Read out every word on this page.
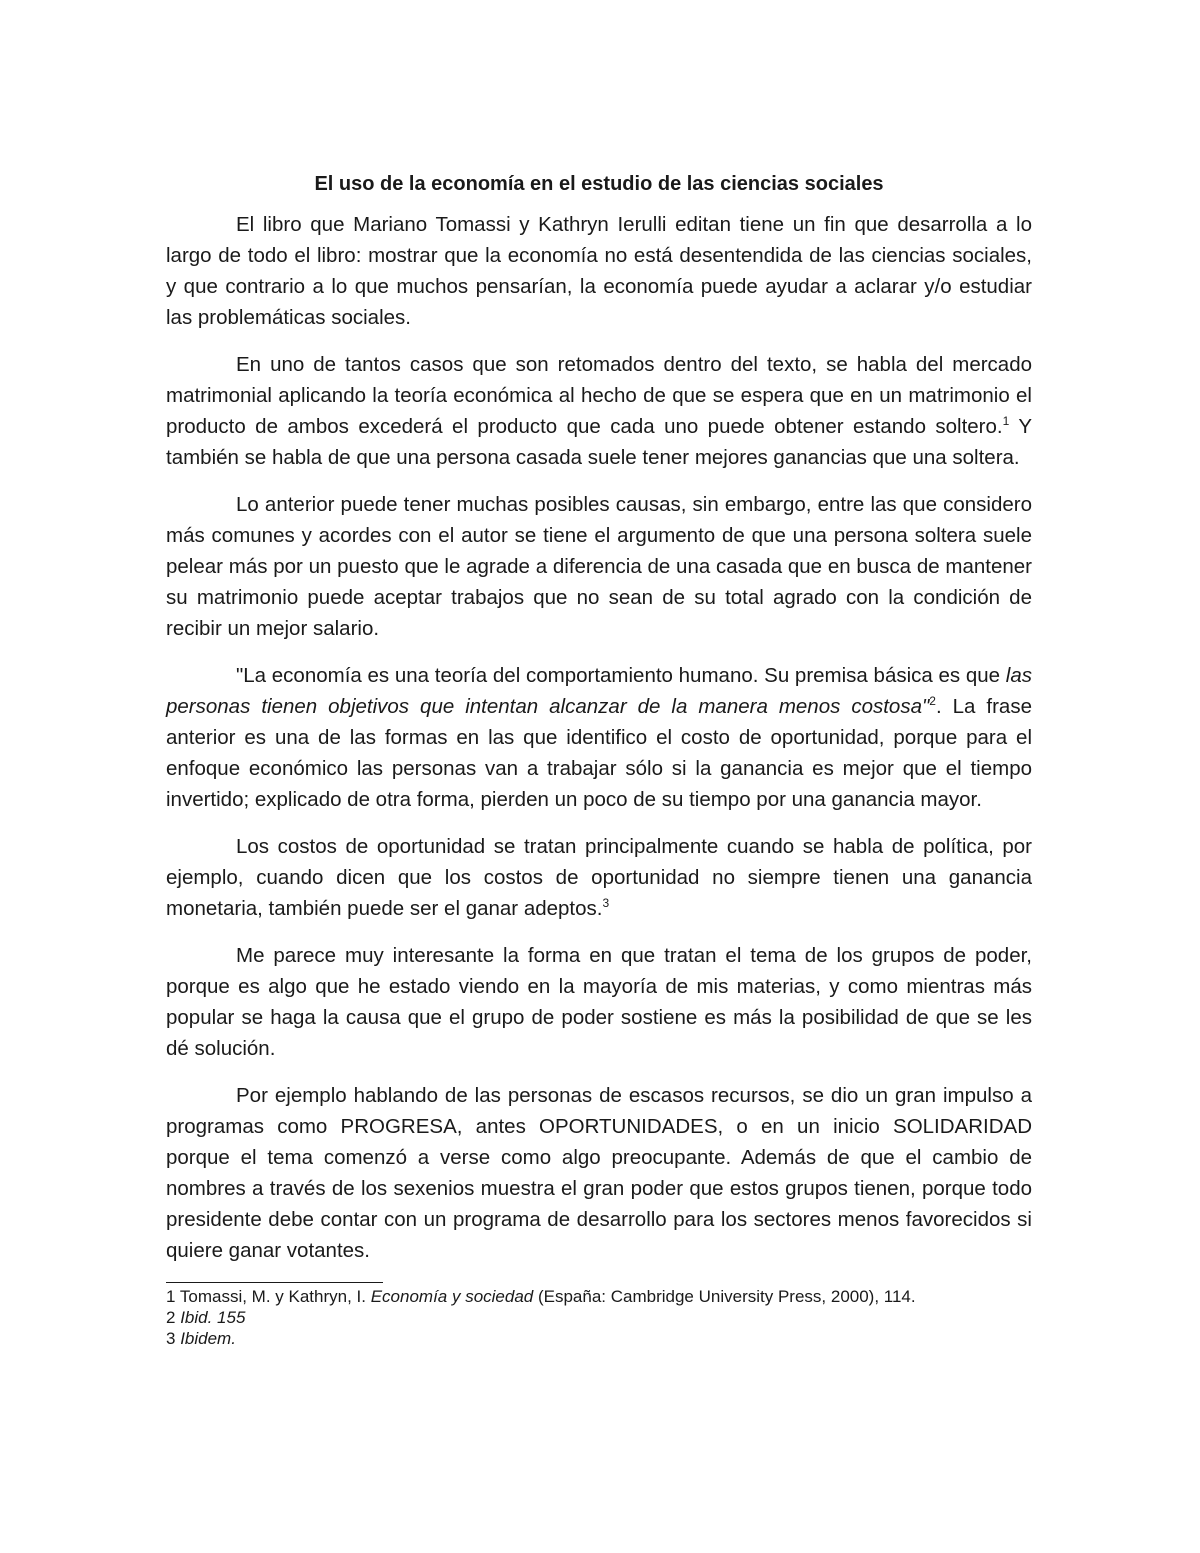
El uso de la economía en el estudio de las ciencias sociales

El libro que Mariano Tomassi y Kathryn Ierulli editan tiene un fin que desarrolla a lo largo de todo el libro: mostrar que la economía no está desentendida de las ciencias sociales, y que contrario a lo que muchos pensarían, la economía puede ayudar a aclarar y/o estudiar las problemáticas sociales.

En uno de tantos casos que son retomados dentro del texto, se habla del mercado matrimonial aplicando la teoría económica al hecho de que se espera que en un matrimonio el producto de ambos excederá el producto que cada uno puede obtener estando soltero.$^1$ Y también se habla de que una persona casada suele tener mejores ganancias que una soltera.

Lo anterior puede tener muchas posibles causas, sin embargo, entre las que considero más comunes y acordes con el autor se tiene el argumento de que una persona soltera suele pelear más por un puesto que le agrade a diferencia de una casada que en busca de mantener su matrimonio puede aceptar trabajos que no sean de su total agrado con la condición de recibir un mejor salario.

"La economía es una teoría del comportamiento humano. Su premisa básica es que las personas tienen objetivos que intentan alcanzar de la manera menos costosa"$^2$. La frase anterior es una de las formas en las que identifico el costo de oportunidad, porque para el enfoque económico las personas van a trabajar sólo si la ganancia es mejor que el tiempo invertido; explicado de otra forma, pierden un poco de su tiempo por una ganancia mayor.

Los costos de oportunidad se tratan principalmente cuando se habla de política, por ejemplo, cuando dicen que los costos de oportunidad no siempre tienen una ganancia monetaria, también puede ser el ganar adeptos.$^3$

Me parece muy interesante la forma en que tratan el tema de los grupos de poder, porque es algo que he estado viendo en la mayoría de mis materias, y como mientras más popular se haga la causa que el grupo de poder sostiene es más la posibilidad de que se les dé solución.

Por ejemplo hablando de las personas de escasos recursos, se dio un gran impulso a programas como PROGRESA, antes OPORTUNIDADES, o en un inicio SOLIDARIDAD porque el tema comenzó a verse como algo preocupante. Además de que el cambio de nombres a través de los sexenios muestra el gran poder que estos grupos tienen, porque todo presidente debe contar con un programa de desarrollo para los sectores menos favorecidos si quiere ganar votantes.

1 Tomassi, M. y Kathryn, I. Economía y sociedad (España: Cambridge University Press, 2000), 114.

2 Ibid. 155

3 Ibidem.
